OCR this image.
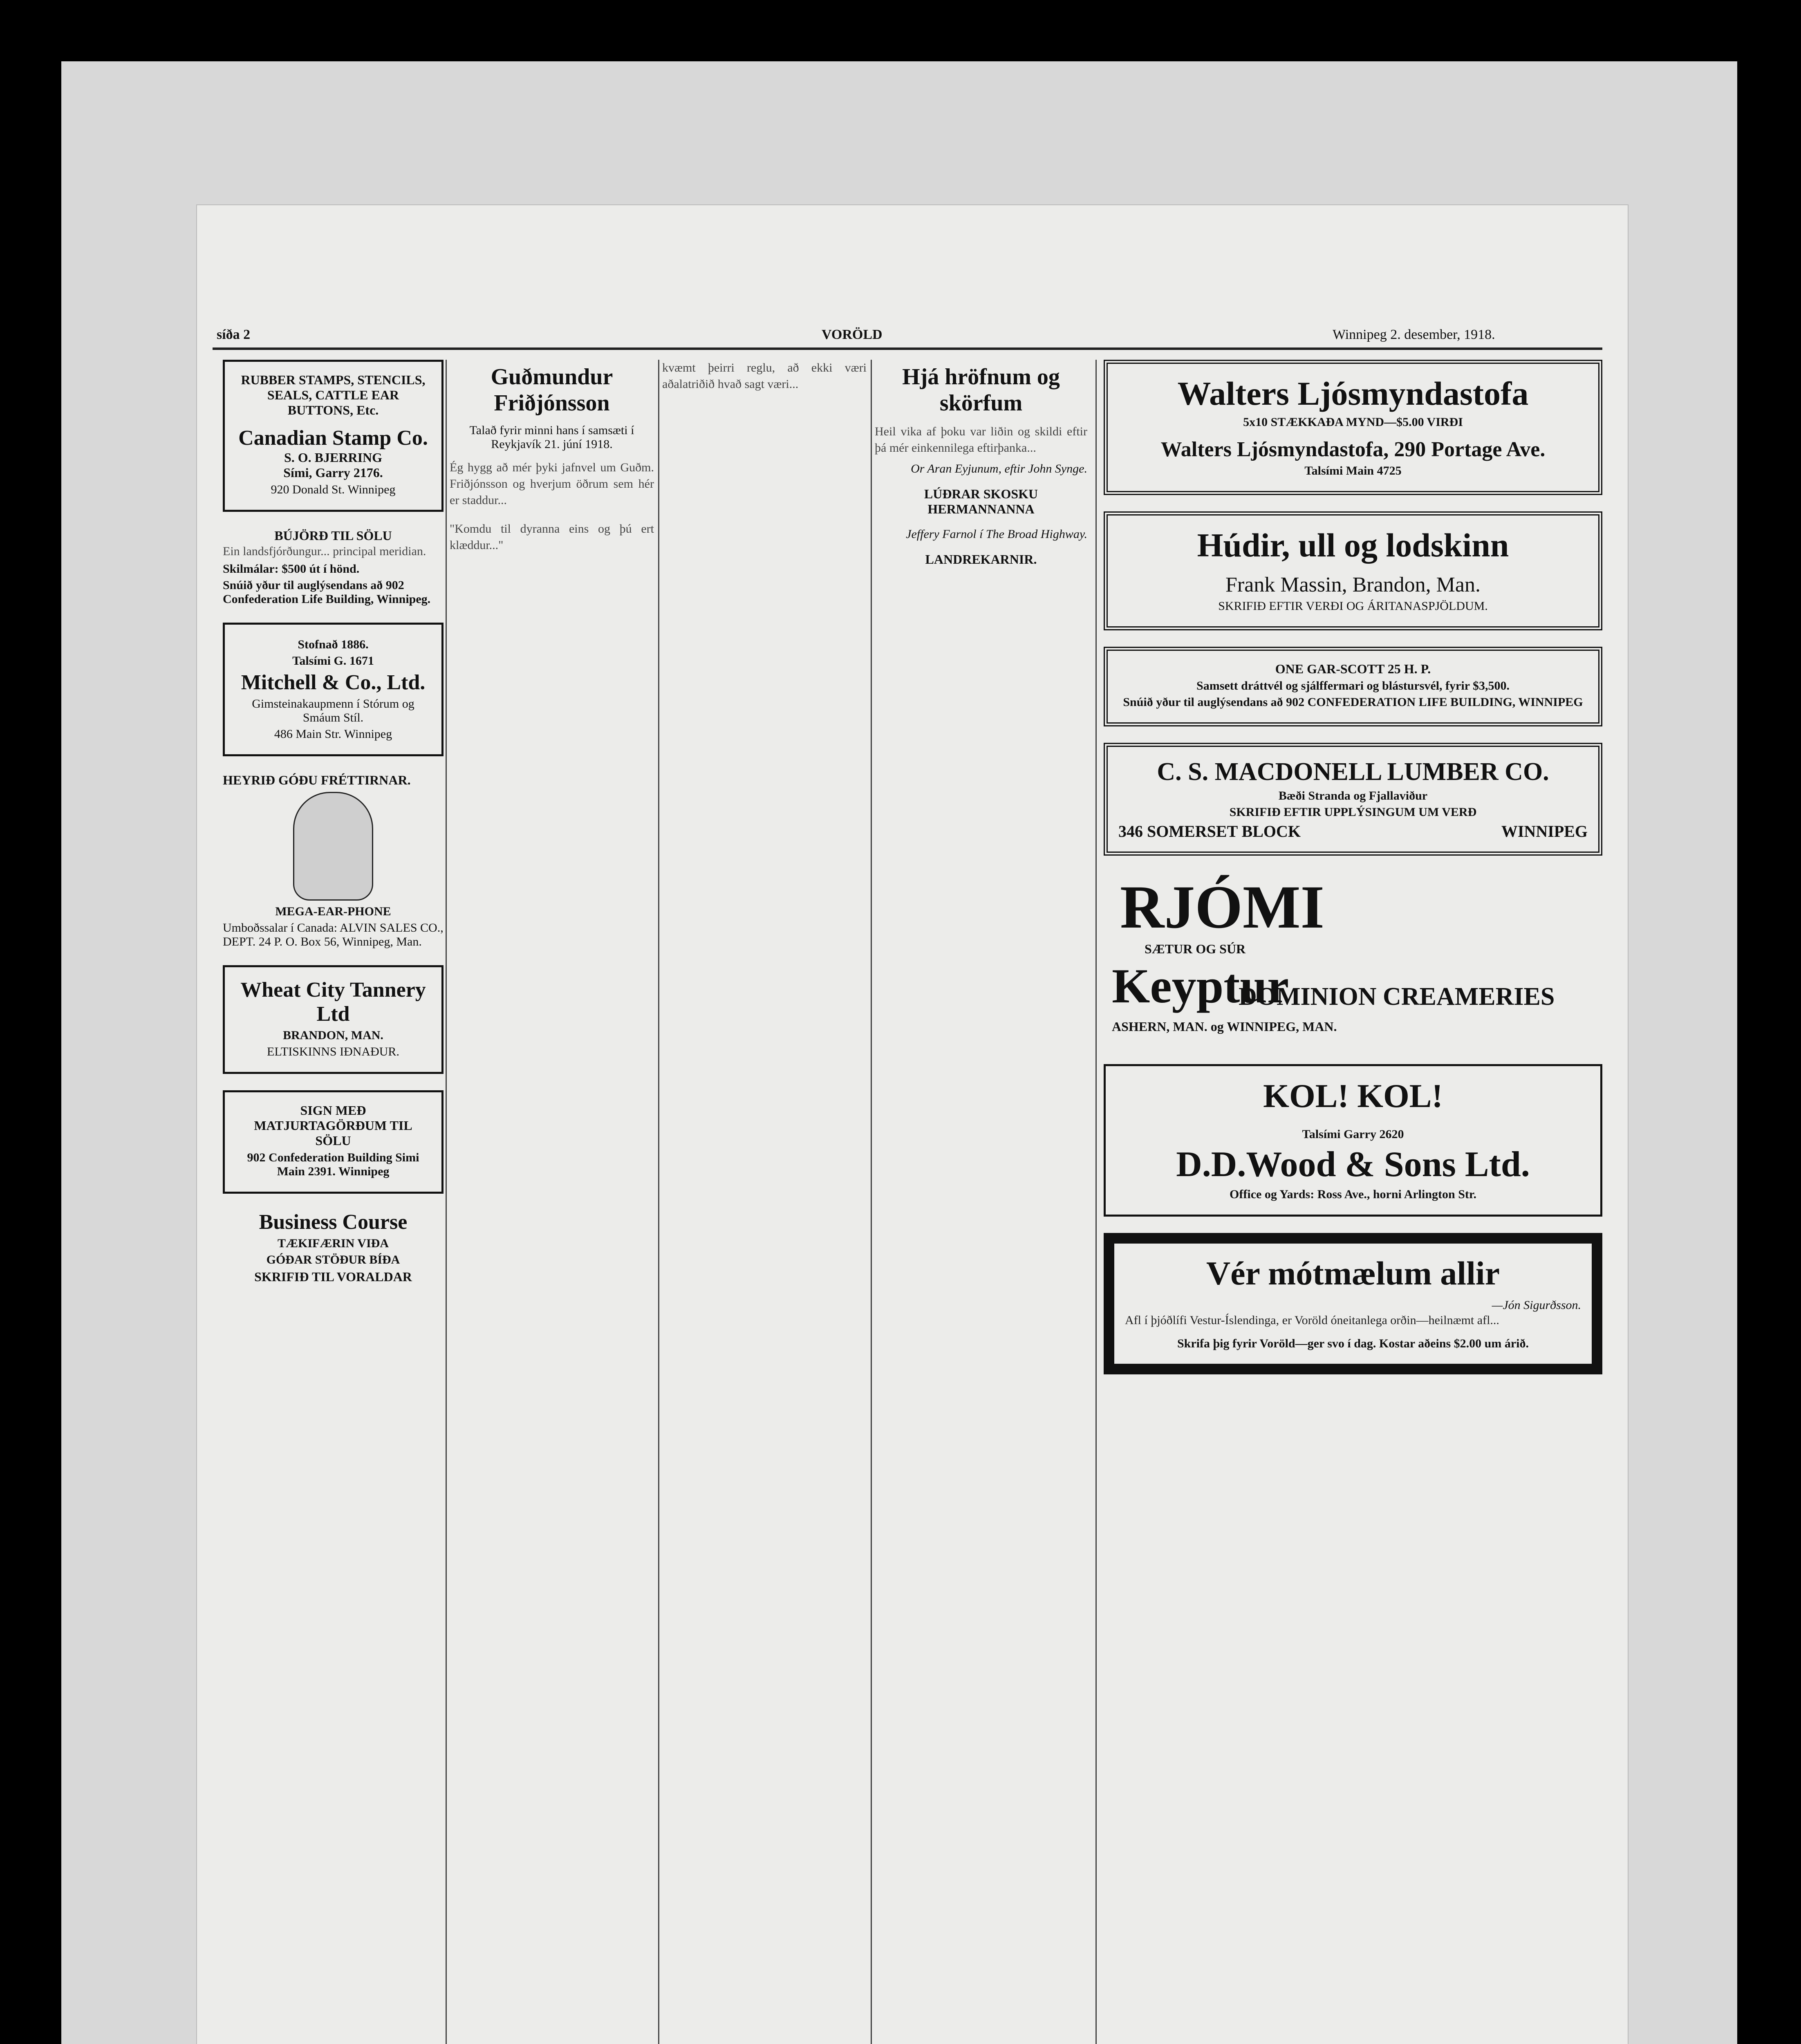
síða 2	VORÖLD	Winnipeg 2. desember, 1918.
RUBBER STAMPS, STENCILS, SEALS, CATTLE EAR BUTTONS, Etc.
Canadian Stamp Co.
S. O. BJERRING
Sími, Garry 2176.
920 Donald St. Winnipeg
BÚJÖRÐ TIL SÖLU
Ein landsfjórðungur... principal meridian.
Skilmálar: $500 út í hönd.
Snúið yður til auglýsendans að 902 Confederation Life Building, Winnipeg.
Stofnað 1886.
Talsími G. 1671
Mitchell & Co., Ltd.
Gimsteinakaupmenn í Stórum og Smáum Stíl.
486 Main Str. Winnipeg
HEYRIÐ GÓÐU FRÉTTIRNAR.
MEGA-EAR-PHONE
Umboðssalar í Canada: ALVIN SALES CO., DEPT. 24 P. O. Box 56, Winnipeg, Man.
Wheat City Tannery Ltd
BRANDON, MAN.
ELTISKINNS IÐNAÐUR.
SIGN MEÐ MATJURTAGÖRÐUM TIL SÖLU
902 Confederation Building Simi Main 2391. Winnipeg
Business Course
TÆKIFÆRIN VIÐA
GÓÐAR STÖÐUR BÍÐA
SKRIFIÐ TIL VORALDAR
Guðmundur Friðjónsson
Talað fyrir minni hans í samsæti í Reykjavík 21. júní 1918.
Ég hygg að mér þyki jafnvel um Guðm. Friðjónsson og hverjum öðrum sem hér er staddur...
"Komdu til dyranna eins og þú ert klæddur..."
kvæmt þeirri reglu, að ekki væri aðalatriðið hvað sagt væri...	Hjá hröfnum og skörfum
Heil vika af þoku var liðin og skildi eftir þá mér einkennilega eftirþanka...
Or Aran Eyjunum, eftir John Synge.
LÚÐRAR SKOSKU HERMANNANNA
Jeffery Farnol í The Broad Highway.
LANDREKARNIR.
Walters Ljósmyndastofa
5x10 STÆKKAÐA MYND—$5.00 VIRÐI
Walters Ljósmyndastofa, 290 Portage Ave.
Talsími Main 4725
Húdir, ull og lodskinn
Frank Massin, Brandon, Man.
SKRIFIÐ EFTIR VERÐI OG ÁRITANASPJÖLDUM.
ONE GAR-SCOTT 25 H. P.
Samsett dráttvél og sjálffermari og blástursvél, fyrir $3,500.
Snúið yður til auglýsendans að 902 CONFEDERATION LIFE BUILDING, WINNIPEG
C. S. MACDONELL LUMBER CO.
Bæði Stranda og Fjallaviður
SKRIFIÐ EFTIR UPPLÝSINGUM UM VERÐ
346 SOMERSET BLOCK	WINNIPEG
RJÓMI
SÆTUR OG SÚR
Keyptur
DOMINION CREAMERIES
ASHERN, MAN. og WINNIPEG, MAN.
KOL! KOL!
Talsími Garry 2620
D.D.Wood & Sons Ltd.
Office og Yards: Ross Ave., horni Arlington Str.
Vér mótmælum allir
—Jón Sigurðsson.
Afl í þjóðlífi Vestur-Íslendinga, er Voröld óneitanlega orðin—heilnæmt afl...
Skrifa þig fyrir Voröld—ger svo í dag. Kostar aðeins $2.00 um árið.
